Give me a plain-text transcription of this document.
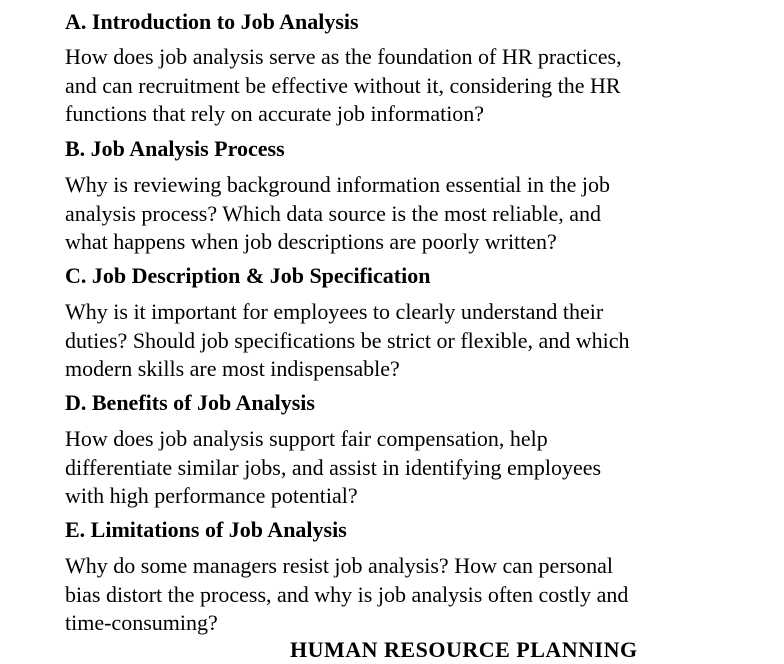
A. Introduction to Job Analysis
How does job analysis serve as the foundation of HR practices,
and can recruitment be effective without it, considering the HR
functions that rely on accurate job information?
B. Job Analysis Process
Why is reviewing background information essential in the job
analysis process? Which data source is the most reliable, and
what happens when job descriptions are poorly written?
C. Job Description & Job Specification
Why is it important for employees to clearly understand their
duties? Should job specifications be strict or flexible, and which
modern skills are most indispensable?
D. Benefits of Job Analysis
How does job analysis support fair compensation, help
differentiate similar jobs, and assist in identifying employees
with high performance potential?
E. Limitations of Job Analysis
Why do some managers resist job analysis? How can personal
bias distort the process, and why is job analysis often costly and
time-consuming?
HUMAN RESOURCE PLANNING
